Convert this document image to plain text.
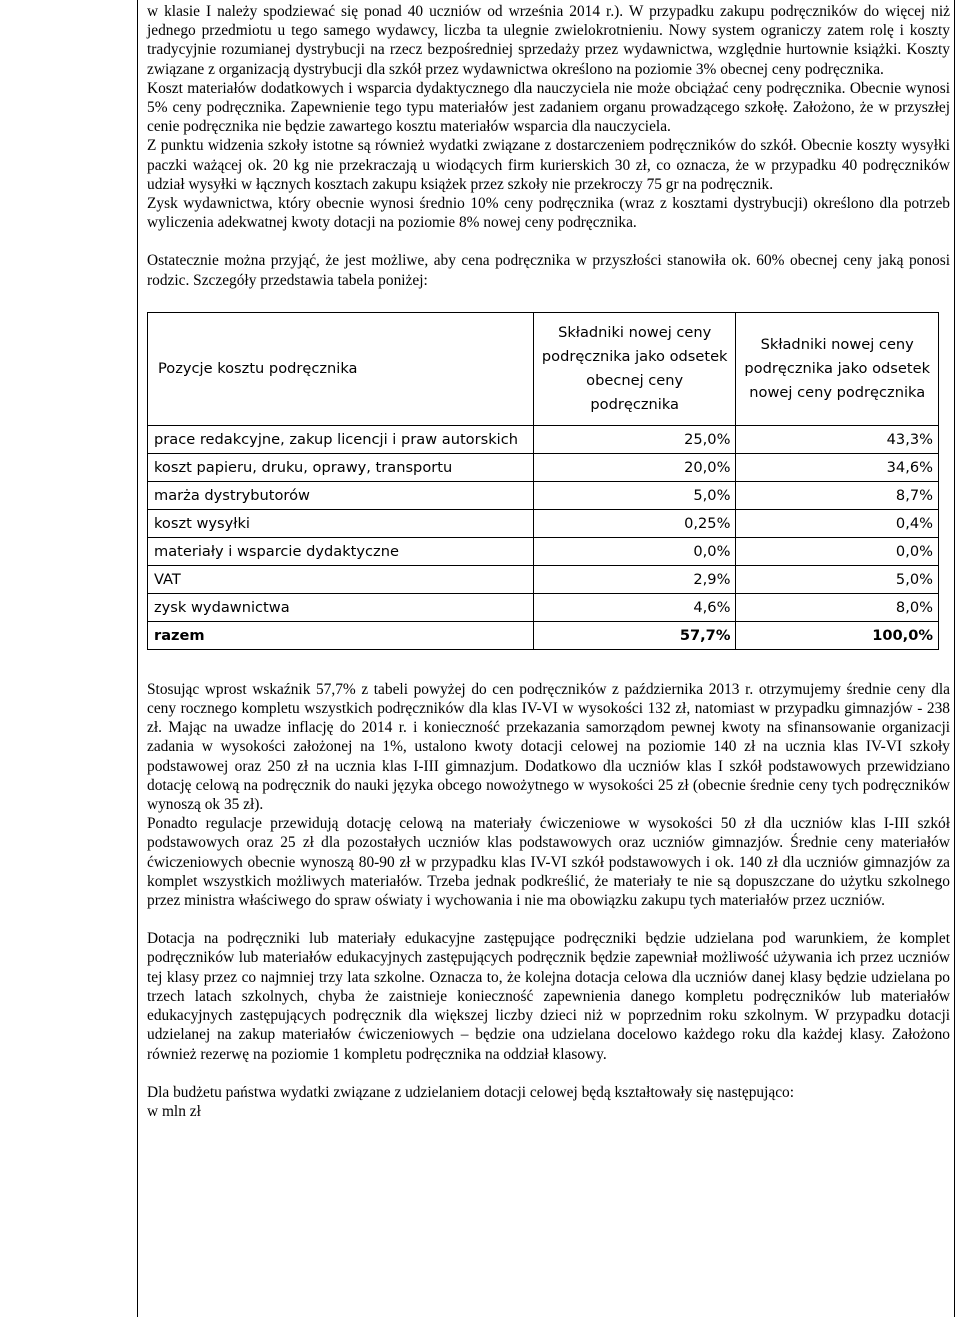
w klasie I należy spodziewać się ponad 40 uczniów od września 2014 r.). W przypadku zakupu podręczników do więcej niż jednego przedmiotu u tego samego wydawcy, liczba ta ulegnie zwielokrotnieniu. Nowy system ograniczy zatem rolę i koszty tradycyjnie rozumianej dystrybucji na rzecz bezpośredniej sprzedaży przez wydawnictwa, względnie hurtownie książki. Koszty związane z organizacją dystrybucji dla szkół przez wydawnictwa określono na poziomie 3% obecnej ceny podręcznika.

Koszt materiałów dodatkowych i wsparcia dydaktycznego dla nauczyciela nie może obciążać ceny podręcznika. Obecnie wynosi 5% ceny podręcznika. Zapewnienie tego typu materiałów jest zadaniem organu prowadzącego szkołę. Założono, że w przyszłej cenie podręcznika nie będzie zawartego kosztu materiałów wsparcia dla nauczyciela.

Z punktu widzenia szkoły istotne są również wydatki związane z dostarczeniem podręczników do szkół. Obecnie koszty wysyłki paczki ważącej ok. 20 kg nie przekraczają u wiodących firm kurierskich 30 zł, co oznacza, że w przypadku 40 podręczników udział wysyłki w łącznych kosztach zakupu książek przez szkoły nie przekroczy 75 gr na podręcznik.

Zysk wydawnictwa, który obecnie wynosi średnio 10% ceny podręcznika (wraz z kosztami dystrybucji) określono dla potrzeb wyliczenia adekwatnej kwoty dotacji na poziomie 8% nowej ceny podręcznika.

Ostatecznie można przyjąć, że jest możliwe, aby cena podręcznika w przyszłości stanowiła ok. 60% obecnej ceny jaką ponosi rodzic. Szczegóły przedstawia tabela poniżej:

Pozycje kosztu podręcznika	Składniki nowej ceny podręcznika jako odsetek obecnej ceny podręcznika	Składniki nowej ceny podręcznika jako odsetek nowej ceny podręcznika
prace redakcyjne, zakup licencji i praw autorskich	25,0%	43,3%
koszt papieru, druku, oprawy, transportu	20,0%	34,6%
marża dystrybutorów	5,0%	8,7%
koszt wysyłki	0,25%	0,4%
materiały i wsparcie dydaktyczne	0,0%	0,0%
VAT	2,9%	5,0%
zysk wydawnictwa	4,6%	8,0%
razem	57,7%	100,0%

Stosując wprost wskaźnik 57,7% z tabeli powyżej do cen podręczników z października 2013 r. otrzymujemy średnie ceny dla ceny rocznego kompletu wszystkich podręczników dla klas IV-VI w wysokości 132 zł, natomiast w przypadku gimnazjów - 238 zł. Mając na uwadze inflację do 2014 r. i konieczność przekazania samorządom pewnej kwoty na sfinansowanie organizacji zadania w wysokości założonej na 1%, ustalono kwoty dotacji celowej na poziomie 140 zł na ucznia klas IV-VI szkoły podstawowej oraz 250 zł na ucznia klas I-III gimnazjum. Dodatkowo dla uczniów klas I szkół podstawowych przewidziano dotację celową na podręcznik do nauki języka obcego nowożytnego w wysokości 25 zł (obecnie średnie ceny tych podręczników wynoszą ok 35 zł).

Ponadto regulacje przewidują dotację celową na materiały ćwiczeniowe w wysokości 50 zł dla uczniów klas I-III szkół podstawowych oraz 25 zł dla pozostałych uczniów klas podstawowych oraz uczniów gimnazjów. Średnie ceny materiałów ćwiczeniowych obecnie wynoszą 80-90 zł w przypadku klas IV-VI szkół podstawowych i ok. 140 zł dla uczniów gimnazjów za komplet wszystkich możliwych materiałów. Trzeba jednak podkreślić, że materiały te nie są dopuszczane do użytku szkolnego przez ministra właściwego do spraw oświaty i wychowania i nie ma obowiązku zakupu tych materiałów przez uczniów.

Dotacja na podręczniki lub materiały edukacyjne zastępujące podręczniki będzie udzielana pod warunkiem, że komplet podręczników lub materiałów edukacyjnych zastępujących podręcznik będzie zapewniał możliwość używania ich przez uczniów tej klasy przez co najmniej trzy lata szkolne. Oznacza to, że kolejna dotacja celowa dla uczniów danej klasy będzie udzielana po trzech latach szkolnych, chyba że zaistnieje konieczność zapewnienia danego kompletu podręczników lub materiałów edukacyjnych zastępujących podręcznik dla większej liczby dzieci niż w poprzednim roku szkolnym. W przypadku dotacji udzielanej na zakup materiałów ćwiczeniowych – będzie ona udzielana docelowo każdego roku dla każdej klasy. Założono również rezerwę na poziomie 1 kompletu podręcznika na oddział klasowy.

Dla budżetu państwa wydatki związane z udzielaniem dotacji celowej będą kształtowały się następująco:

w mln zł
